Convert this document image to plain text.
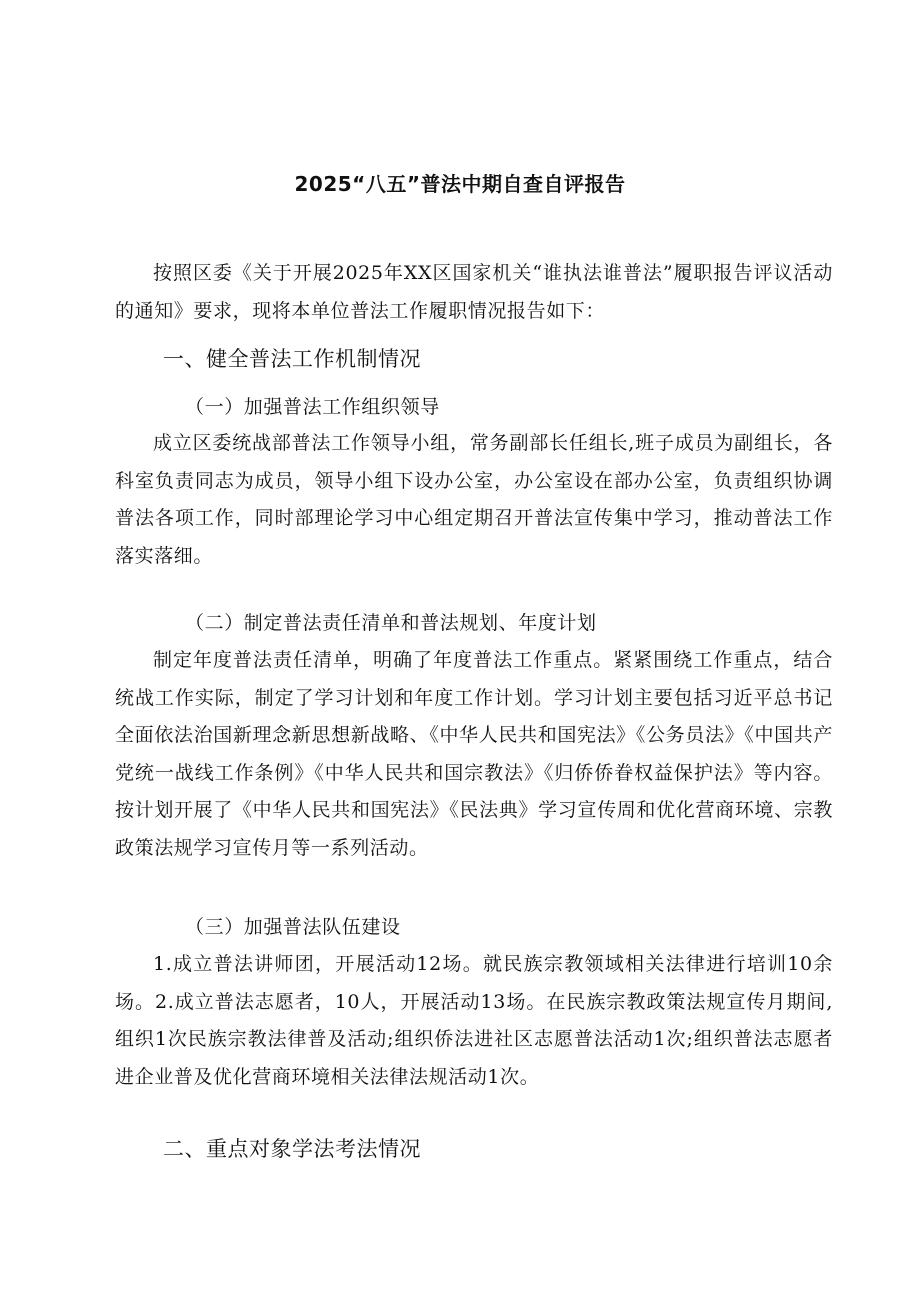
2025“八五”普法中期自查自评报告
按照区委《关于开展2025年XX区国家机关“谁执法谁普法”履职报告评议活动的通知》要求，现将本单位普法工作履职情况报告如下：
一、健全普法工作机制情况
（一）加强普法工作组织领导
成立区委统战部普法工作领导小组，常务副部长任组长,班子成员为副组长，各科室负责同志为成员，领导小组下设办公室，办公室设在部办公室，负责组织协调普法各项工作，同时部理论学习中心组定期召开普法宣传集中学习，推动普法工作落实落细。
（二）制定普法责任清单和普法规划、年度计划
制定年度普法责任清单，明确了年度普法工作重点。紧紧围绕工作重点，结合统战工作实际，制定了学习计划和年度工作计划。学习计划主要包括习近平总书记全面依法治国新理念新思想新战略、《中华人民共和国宪法》《公务员法》《中国共产党统一战线工作条例》《中华人民共和国宗教法》《归侨侨眷权益保护法》等内容。按计划开展了《中华人民共和国宪法》《民法典》学习宣传周和优化营商环境、宗教政策法规学习宣传月等一系列活动。
（三）加强普法队伍建设
1.成立普法讲师团，开展活动12场。就民族宗教领域相关法律进行培训10余场。2.成立普法志愿者，10人，开展活动13场。在民族宗教政策法规宣传月期间,组织1次民族宗教法律普及活动;组织侨法进社区志愿普法活动1次;组织普法志愿者进企业普及优化营商环境相关法律法规活动1次。
二、重点对象学法考法情况
